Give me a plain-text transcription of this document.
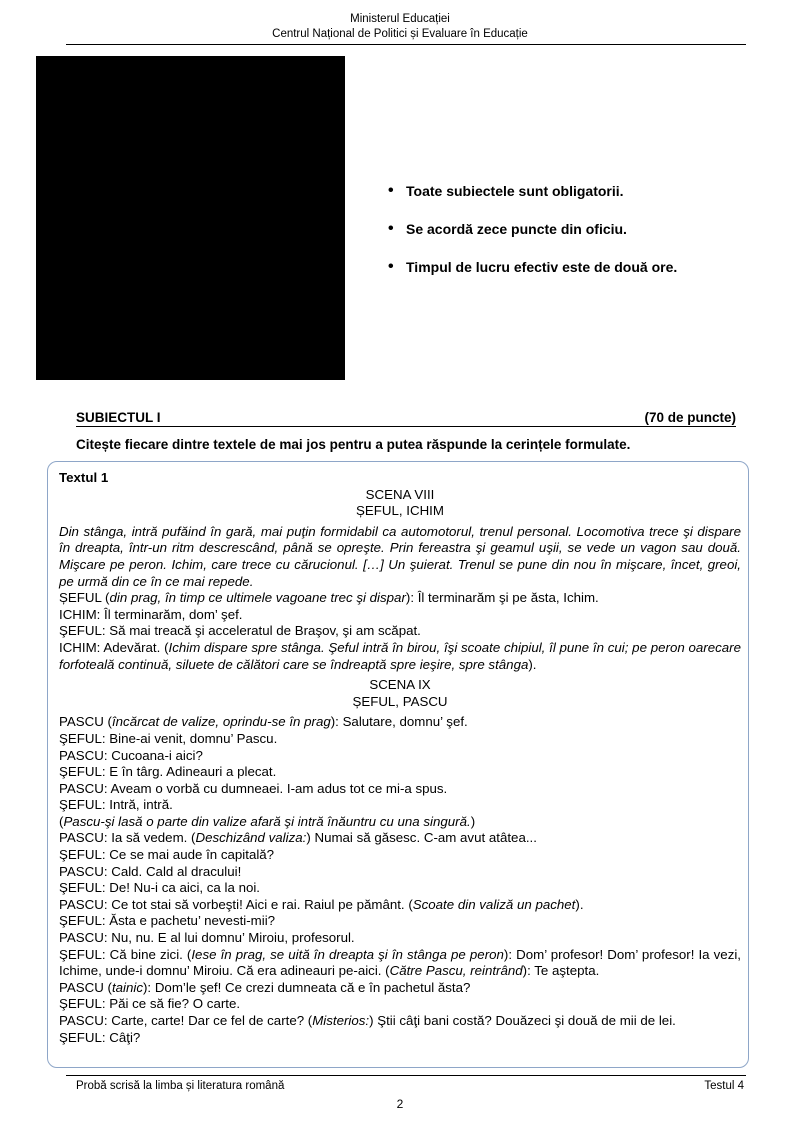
Ministerul Educației
Centrul Național de Politici și Evaluare în Educație
• Toate subiectele sunt obligatorii.
• Se acordă zece puncte din oficiu.
• Timpul de lucru efectiv este de două ore.
SUBIECTUL I	(70 de puncte)
Citește fiecare dintre textele de mai jos pentru a putea răspunde la cerințele formulate.

Textul 1

SCENA VIII

ȘEFUL, ICHIM

Din stânga, intră pufăind în gară, mai puţin formidabil ca automotorul, trenul personal. Locomotiva trece şi dispare în dreapta, într-un ritm descrescând, până se opreşte. Prin fereastra şi geamul uşii, se vede un vagon sau două. Mişcare pe peron. Ichim, care trece cu cărucionul. […] Un şuierat. Trenul se pune din nou în mişcare, încet, greoi, pe urmă din ce în ce mai repede.

ȘEFUL (din prag, în timp ce ultimele vagoane trec şi dispar): Îl terminarăm şi pe ăsta, Ichim.

ICHIM: Îl terminarăm, dom’ şef.

ŞEFUL: Să mai treacă şi acceleratul de Braşov, şi am scăpat.

ICHIM: Adevărat. (Ichim dispare spre stânga. Şeful intră în birou, îşi scoate chipiul, îl pune în cui; pe peron oarecare forfoteală continuă, siluete de călători care se îndreaptă spre ieşire, spre stânga).

SCENA IX

ȘEFUL, PASCU

PASCU (încărcat de valize, oprindu-se în prag): Salutare, domnu’ şef.

ŞEFUL: Bine-ai venit, domnu’ Pascu.

PASCU: Cucoana-i aici?

ŞEFUL: E în târg. Adineauri a plecat.

PASCU: Aveam o vorbă cu dumneaei. I-am adus tot ce mi-a spus.

ŞEFUL: Intră, intră.

(Pascu-şi lasă o parte din valize afară şi intră înăuntru cu una singură.)

PASCU: Ia să vedem. (Deschizând valiza:) Numai să găsesc. C-am avut atâtea...

ŞEFUL: Ce se mai aude în capitală?

PASCU: Cald. Cald al dracului!

ŞEFUL: De! Nu-i ca aici, ca la noi.

PASCU: Ce tot stai să vorbeşti! Aici e rai. Raiul pe pământ. (Scoate din valiză un pachet).

ŞEFUL: Ăsta e pachetu’ nevesti-mii?

PASCU: Nu, nu. E al lui domnu’ Miroiu, profesorul.

ŞEFUL: Că bine zici. (Iese în prag, se uită în dreapta şi în stânga pe peron): Dom’ profesor! Dom’ profesor! Ia vezi, Ichime, unde-i domnu’ Miroiu. Că era adineauri pe-aici. (Către Pascu, reintrând): Te aştepta.

PASCU (tainic): Dom’le şef! Ce crezi dumneata că e în pachetul ăsta?

ŞEFUL: Păi ce să fie? O carte.

PASCU: Carte, carte! Dar ce fel de carte? (Misterios:) Ştii câţi bani costă? Douăzeci şi două de mii de lei.

ŞEFUL: Câţi?

Probă scrisă la limba și literatura română	Testul 4
2
